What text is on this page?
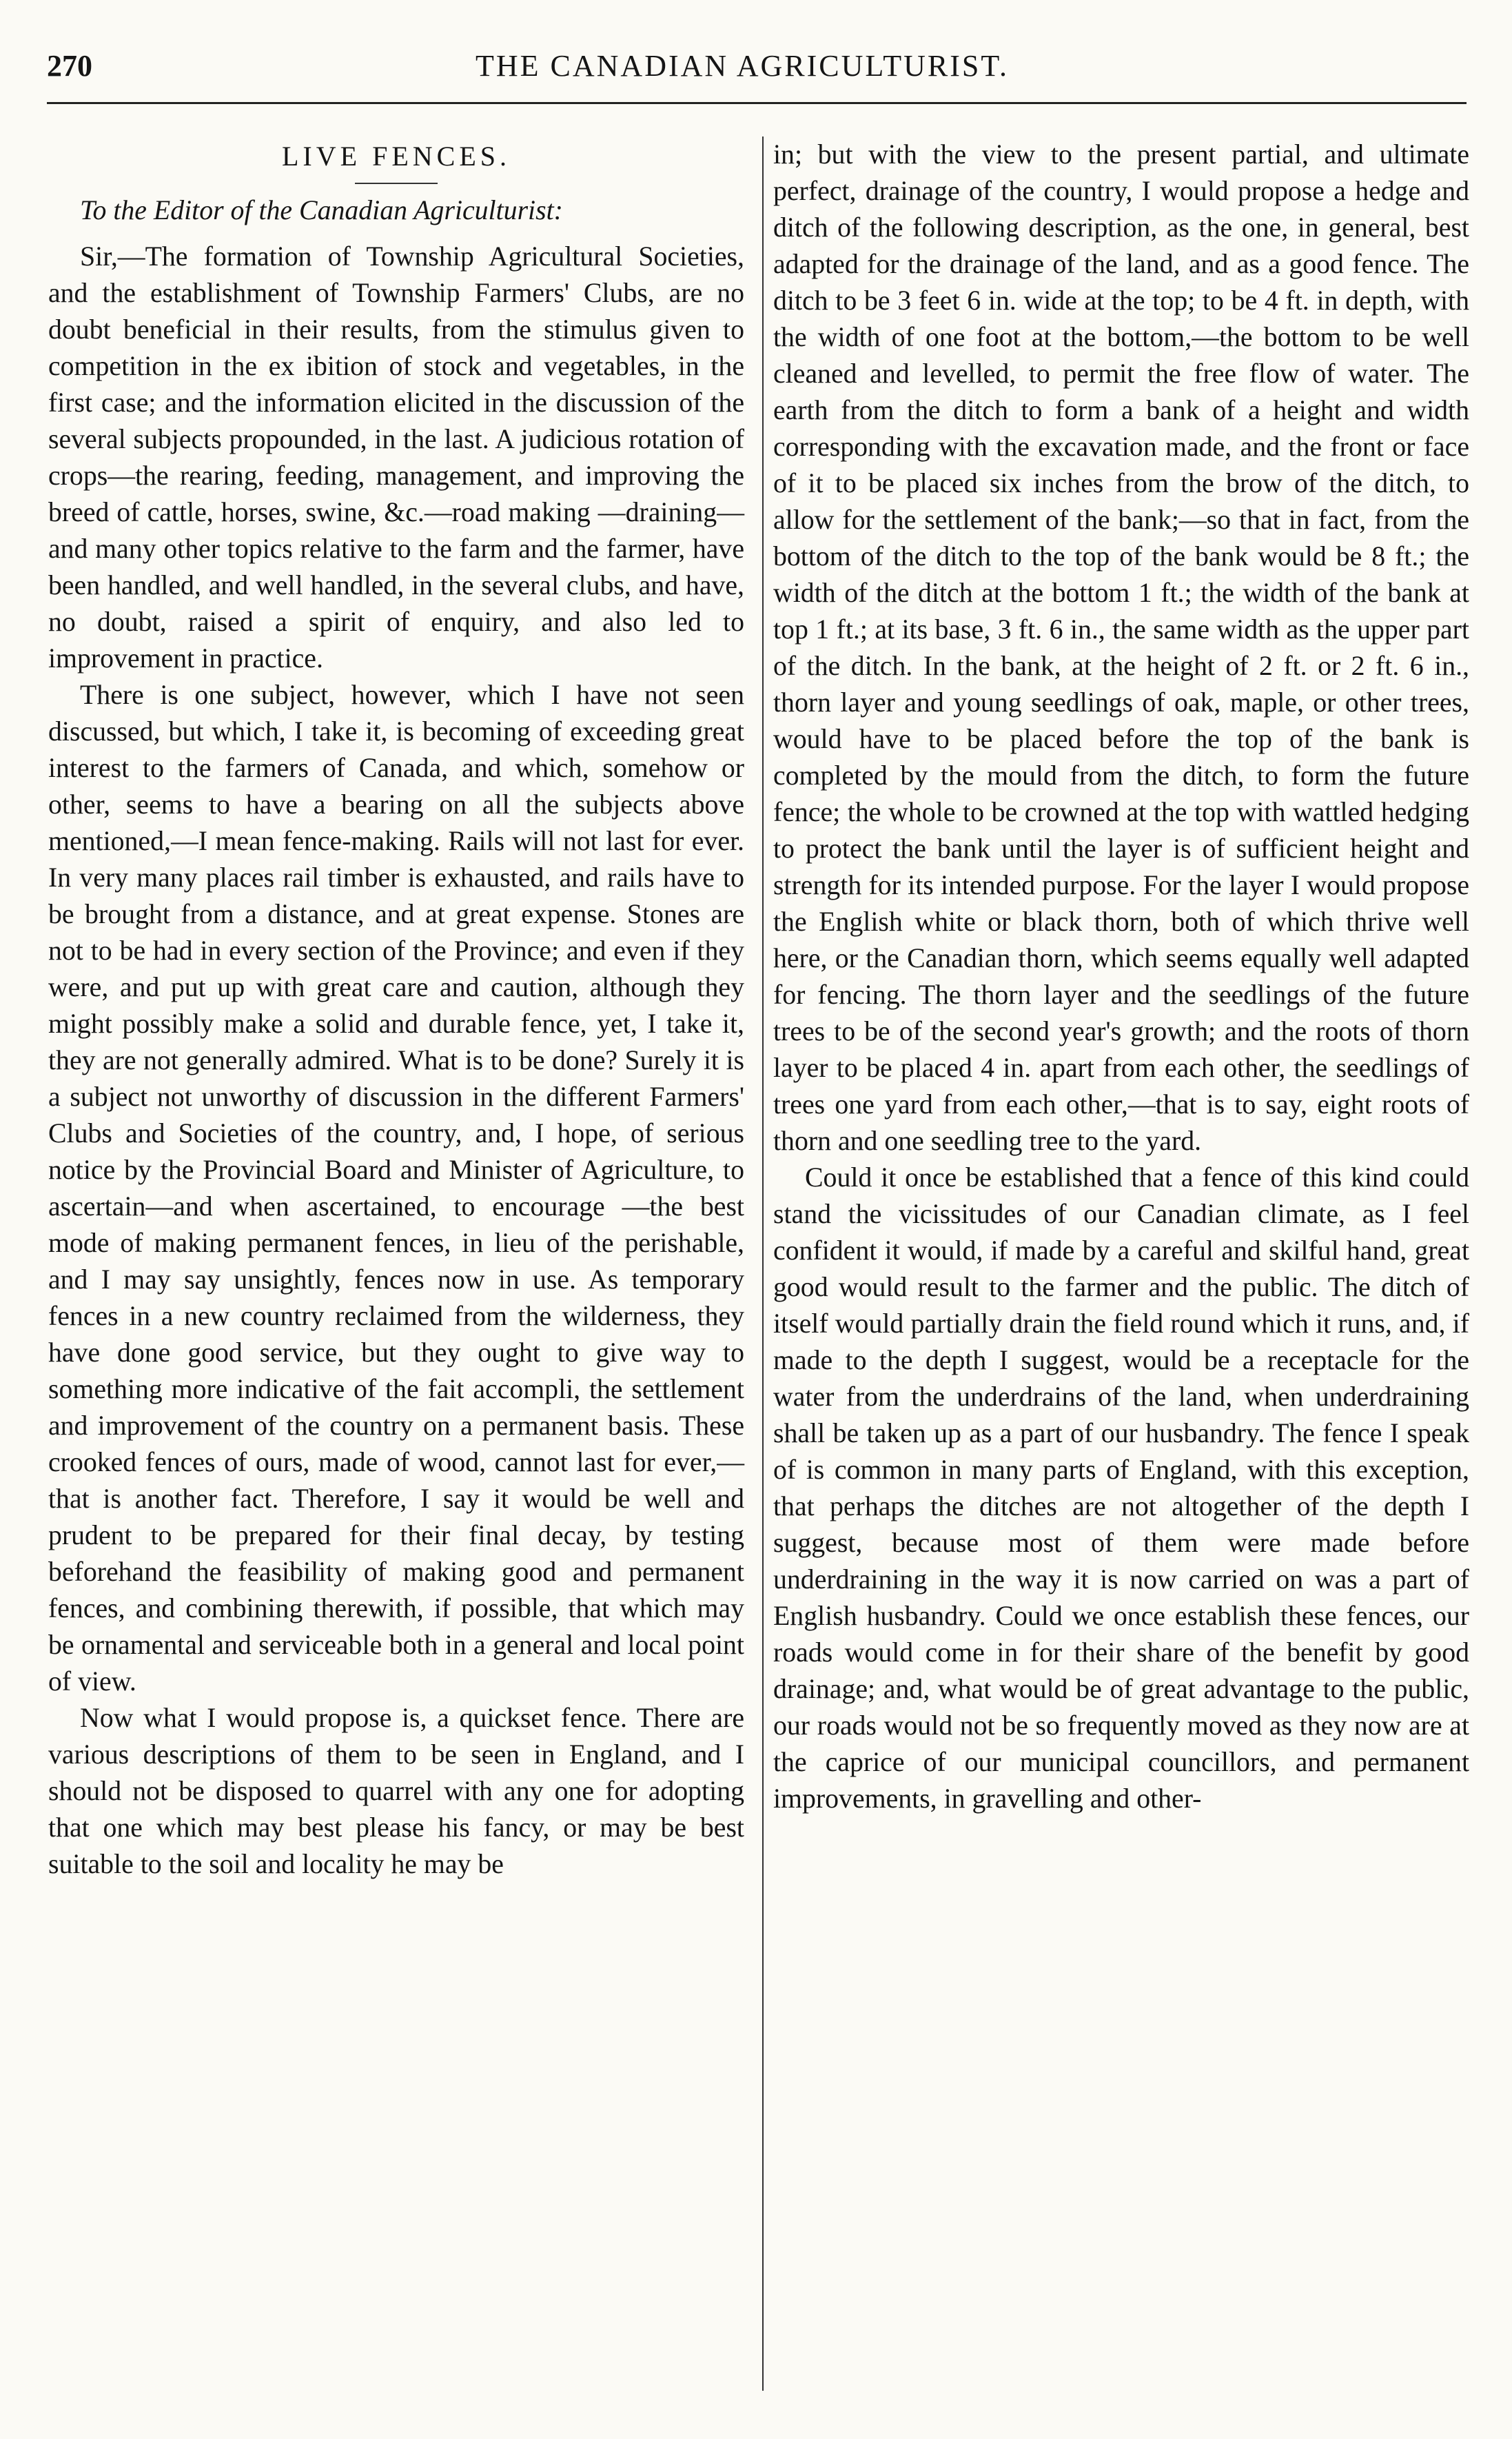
270	THE CANADIAN AGRICULTURIST.
LIVE FENCES.
To the Editor of the Canadian Agriculturist:

Sir,—The formation of Township Agricultural Societies, and the establishment of Township Farmers' Clubs, are no doubt beneficial in their results, from the stimulus given to competition in the ex ibition of stock and vegetables, in the first case; and the information elicited in the discussion of the several subjects propounded, in the last. A judicious rotation of crops—the rearing, feeding, management, and improving the breed of cattle, horses, swine, &c.—road making —draining—and many other topics relative to the farm and the farmer, have been handled, and well handled, in the several clubs, and have, no doubt, raised a spirit of enquiry, and also led to improvement in practice.

There is one subject, however, which I have not seen discussed, but which, I take it, is becoming of exceeding great interest to the farmers of Canada, and which, somehow or other, seems to have a bearing on all the subjects above mentioned,—I mean fence-making. Rails will not last for ever. In very many places rail timber is exhausted, and rails have to be brought from a distance, and at great expense. Stones are not to be had in every section of the Province; and even if they were, and put up with great care and caution, although they might possibly make a solid and durable fence, yet, I take it, they are not generally admired. What is to be done? Surely it is a subject not unworthy of discussion in the different Farmers' Clubs and Societies of the country, and, I hope, of serious notice by the Provincial Board and Minister of Agriculture, to ascertain—and when ascertained, to encourage —the best mode of making permanent fences, in lieu of the perishable, and I may say unsightly, fences now in use. As temporary fences in a new country reclaimed from the wilderness, they have done good service, but they ought to give way to something more indicative of the fait accompli, the settlement and improvement of the country on a permanent basis. These crooked fences of ours, made of wood, cannot last for ever,—that is another fact. Therefore, I say it would be well and prudent to be prepared for their final decay, by testing beforehand the feasibility of making good and permanent fences, and combining therewith, if possible, that which may be ornamental and serviceable both in a general and local point of view.

Now what I would propose is, a quickset fence. There are various descriptions of them to be seen in England, and I should not be disposed to quarrel with any one for adopting that one which may best please his fancy, or may be best suitable to the soil and locality he may be

in; but with the view to the present partial, and ultimate perfect, drainage of the country, I would propose a hedge and ditch of the following description, as the one, in general, best adapted for the drainage of the land, and as a good fence. The ditch to be 3 feet 6 in. wide at the top; to be 4 ft. in depth, with the width of one foot at the bottom,—the bottom to be well cleaned and levelled, to permit the free flow of water. The earth from the ditch to form a bank of a height and width corresponding with the excavation made, and the front or face of it to be placed six inches from the brow of the ditch, to allow for the settlement of the bank;—so that in fact, from the bottom of the ditch to the top of the bank would be 8 ft.; the width of the ditch at the bottom 1 ft.; the width of the bank at top 1 ft.; at its base, 3 ft. 6 in., the same width as the upper part of the ditch. In the bank, at the height of 2 ft. or 2 ft. 6 in., thorn layer and young seedlings of oak, maple, or other trees, would have to be placed before the top of the bank is completed by the mould from the ditch, to form the future fence; the whole to be crowned at the top with wattled hedging to protect the bank until the layer is of sufficient height and strength for its intended purpose. For the layer I would propose the English white or black thorn, both of which thrive well here, or the Canadian thorn, which seems equally well adapted for fencing. The thorn layer and the seedlings of the future trees to be of the second year's growth; and the roots of thorn layer to be placed 4 in. apart from each other, the seedlings of trees one yard from each other,—that is to say, eight roots of thorn and one seedling tree to the yard.

Could it once be established that a fence of this kind could stand the vicissitudes of our Canadian climate, as I feel confident it would, if made by a careful and skilful hand, great good would result to the farmer and the public. The ditch of itself would partially drain the field round which it runs, and, if made to the depth I suggest, would be a receptacle for the water from the underdrains of the land, when underdraining shall be taken up as a part of our husbandry. The fence I speak of is common in many parts of England, with this exception, that perhaps the ditches are not altogether of the depth I suggest, because most of them were made before underdraining in the way it is now carried on was a part of English husbandry. Could we once establish these fences, our roads would come in for their share of the benefit by good drainage; and, what would be of great advantage to the public, our roads would not be so frequently moved as they now are at the caprice of our municipal councillors, and permanent improvements, in gravelling and other-
